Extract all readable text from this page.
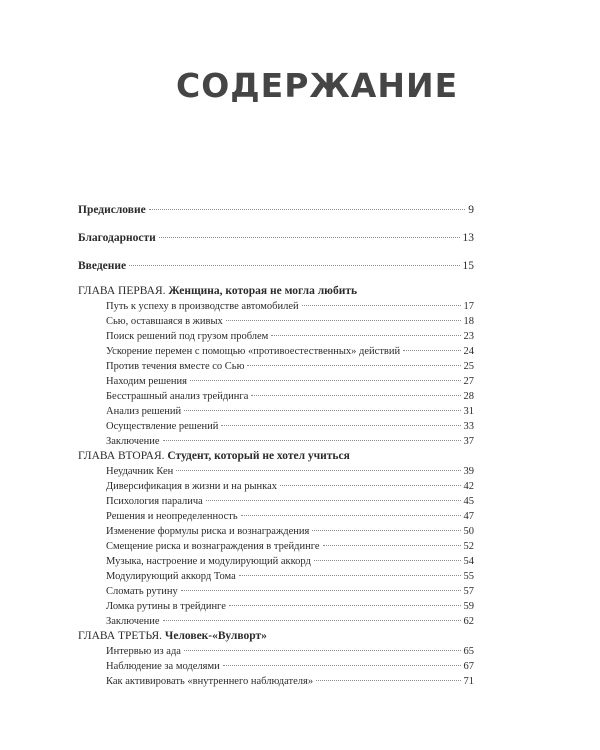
СОДЕРЖАНИЕ
Предисловие	9
Благодарности	13
Введение	15
ГЛАВА ПЕРВАЯ. Женщина, которая не могла любить
Путь к успеху в производстве автомобилей	17
Сью, оставшаяся в живых	18
Поиск решений под грузом проблем	23
Ускорение перемен с помощью «противоестественных» действий	24
Против течения вместе со Сью	25
Находим решения	27
Бесстрашный анализ трейдинга	28
Анализ решений	31
Осуществление решений	33
Заключение	37
ГЛАВА ВТОРАЯ. Студент, который не хотел учиться
Неудачник Кен	39
Диверсификация в жизни и на рынках	42
Психология паралича	45
Решения и неопределенность	47
Изменение формулы риска и вознаграждения	50
Смещение риска и вознаграждения в трейдинге	52
Музыка, настроение и модулирующий аккорд	54
Модулирующий аккорд Тома	55
Сломать рутину	57
Ломка рутины в трейдинге	59
Заключение	62
ГЛАВА ТРЕТЬЯ. Человек-«Вулворт»
Интервью из ада	65
Наблюдение за моделями	67
Как активировать «внутреннего наблюдателя»	71
